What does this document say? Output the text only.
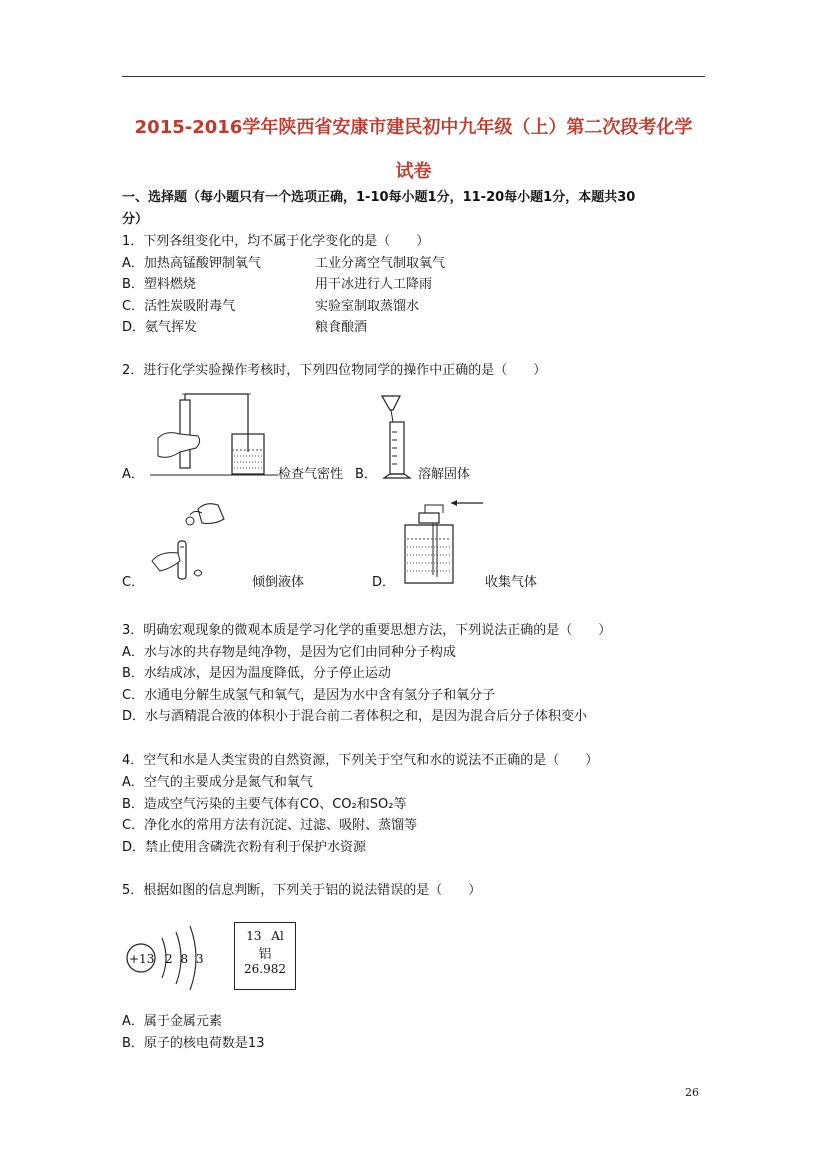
2015-2016学年陕西省安康市建民初中九年级（上）第二次段考化学
试卷
一、选择题（每小题只有一个选项正确，1-10每小题1分，11-20每小题1分，本题共30
分）
1．下列各组变化中，均不属于化学变化的是（　　）
A．加热高锰酸钾制氧气	工业分离空气制取氧气
B．塑料燃烧	用干冰进行人工降雨
C．活性炭吸附毒气	实验室制取蒸馏水
D．氨气挥发	粮食酿酒
2．进行化学实验操作考核时，下列四位物同学的操作中正确的是（　　）
A．	检查气密性 B．	溶解固体
C．	倾倒液体	D．	收集气体
3．明确宏观现象的微观本质是学习化学的重要思想方法，下列说法正确的是（　　）
A．水与冰的共存物是纯净物，是因为它们由同种分子构成
B．水结成冰，是因为温度降低，分子停止运动
C．水通电分解生成氢气和氧气，是因为水中含有氢分子和氧分子
D．水与酒精混合液的体积小于混合前二者体积之和，是因为混合后分子体积变小
4．空气和水是人类宝贵的自然资源，下列关于空气和水的说法不正确的是（　　）
A．空气的主要成分是氮气和氧气
B．造成空气污染的主要气体有CO、CO₂和SO₂等
C．净化水的常用方法有沉淀、过滤、吸附、蒸馏等
D．禁止使用含磷洗衣粉有利于保护水资源
5．根据如图的信息判断，下列关于铝的说法错误的是（　　）
+13 2 8 3
13 Al
铝
26.982
A．属于金属元素
B．原子的核电荷数是13
26
